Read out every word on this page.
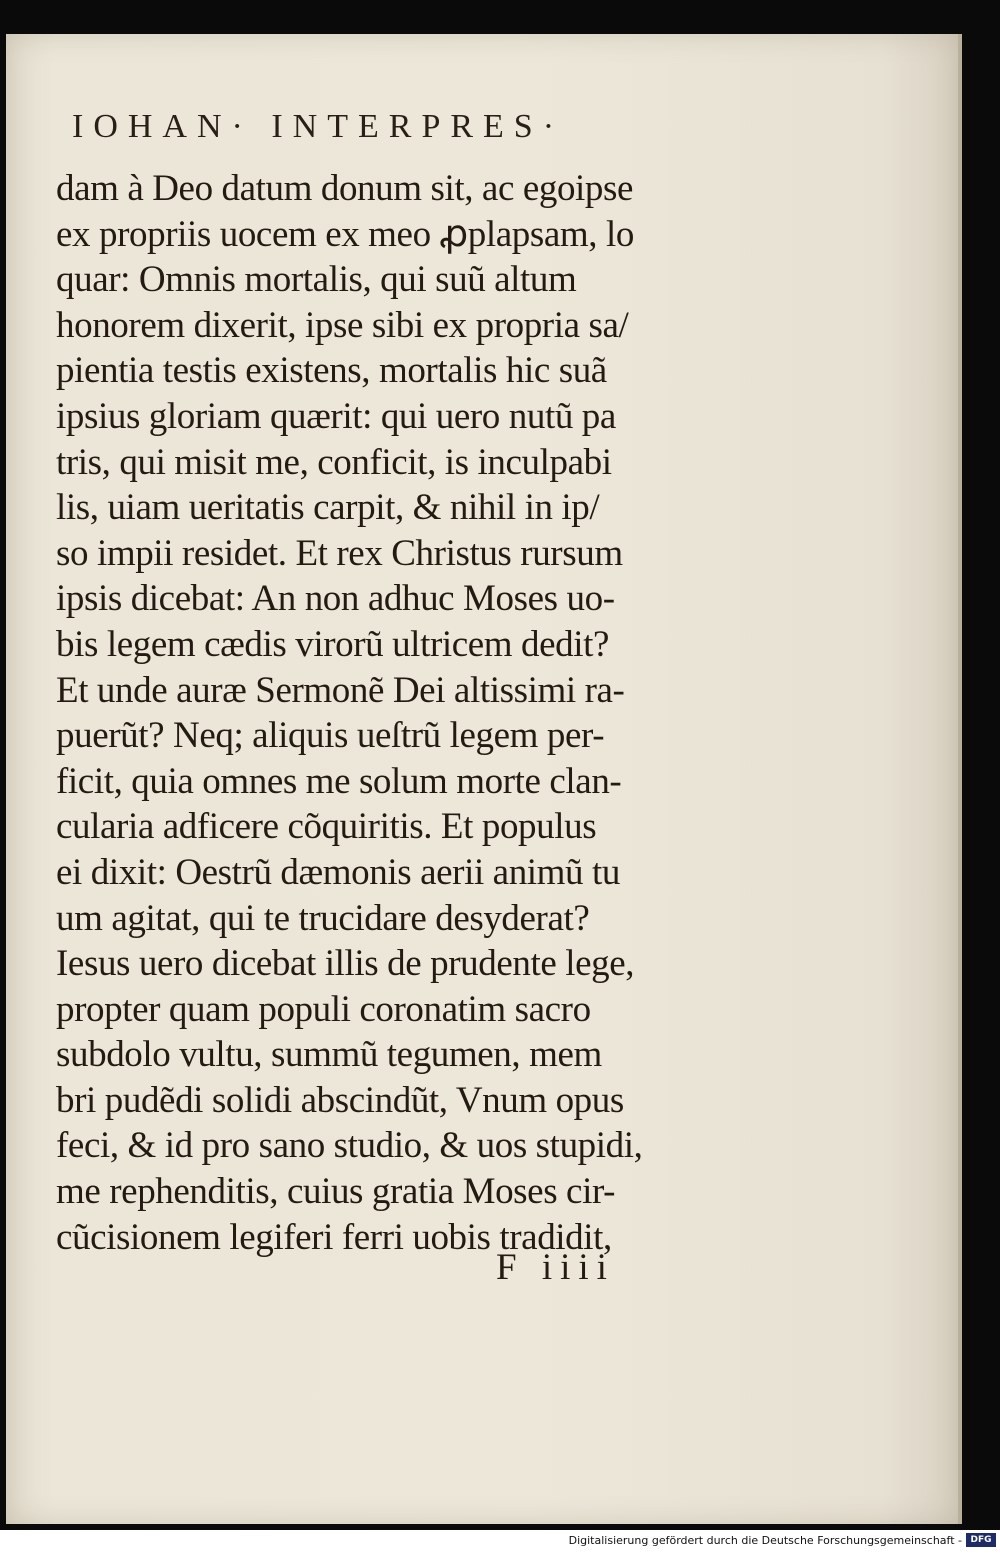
IOHAN· INTERPRES·
dam à Deo datum donum sit, ac egoipse
ex propriis uocem ex meo ꝓplapsam, lo
quar: Omnis mortalis, qui suũ altum
honorem dixerit, ipse sibi ex propria sa/
pientia testis existens, mortalis hic suã
ipsius gloriam quærit: qui uero nutũ pa
tris, qui misit me, conficit, is inculpabi
lis, uiam ueritatis carpit, & nihil in ip/
so impii residet. Et rex Christus rursum
ipsis dicebat: An non adhuc Moses uo-
bis legem cædis virorũ ultricem dedit?
Et unde auræ Sermonẽ Dei altissimi ra-
puerũt? Neq; aliquis ueſtrũ legem per-
ficit, quia omnes me solum morte clan-
cularia adficere cõquiritis. Et populus
ei dixit: Oestrũ dæmonis aerii animũ tu
um agitat, qui te trucidare desyderat?
Iesus uero dicebat illis de prudente lege,
propter quam populi coronatim sacro
subdolo vultu, summũ tegumen, mem
bri pudẽdi solidi abscindũt, Vnum opus
feci, & id pro sano studio, & uos stupidi,
me rephenditis, cuius gratia Moses cir-
cũcisionem legiferi ferri uobis tradidit,
F iiii
Digitalisierung gefördert durch die Deutsche Forschungsgemeinschaft - DFG
